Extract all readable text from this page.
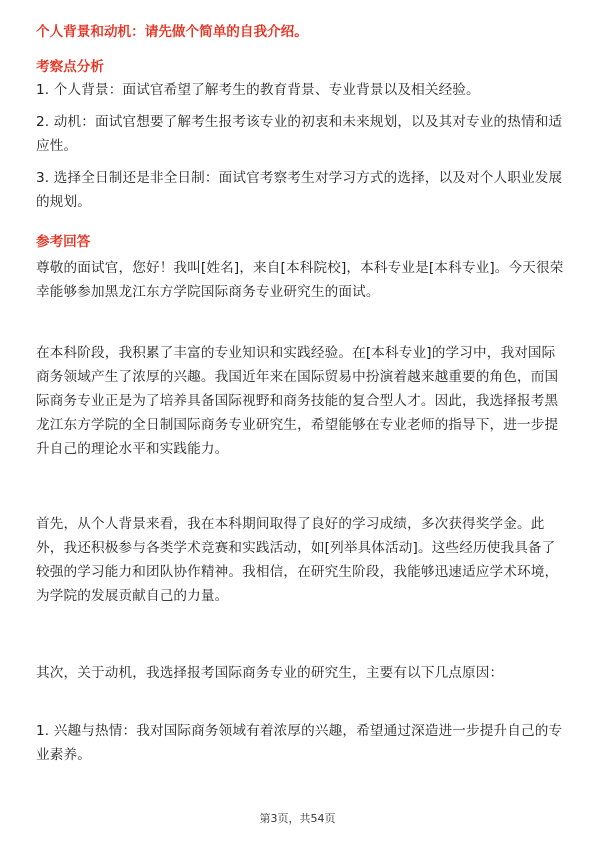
个人背景和动机：请先做个简单的自我介绍。

考察点分析

1. 个人背景：面试官希望了解考生的教育背景、专业背景以及相关经验。

2. 动机：面试官想要了解考生报考该专业的初衷和未来规划，以及其对专业的热情和适应性。

3. 选择全日制还是非全日制：面试官考察考生对学习方式的选择，以及对个人职业发展的规划。

参考回答

尊敬的面试官，您好！我叫[姓名]，来自[本科院校]，本科专业是[本科专业]。今天很荣幸能够参加黑龙江东方学院国际商务专业研究生的面试。

在本科阶段，我积累了丰富的专业知识和实践经验。在[本科专业]的学习中，我对国际商务领域产生了浓厚的兴趣。我国近年来在国际贸易中扮演着越来越重要的角色，而国际商务专业正是为了培养具备国际视野和商务技能的复合型人才。因此，我选择报考黑龙江东方学院的全日制国际商务专业研究生，希望能够在专业老师的指导下，进一步提升自己的理论水平和实践能力。

首先，从个人背景来看，我在本科期间取得了良好的学习成绩，多次获得奖学金。此外，我还积极参与各类学术竞赛和实践活动，如[列举具体活动]。这些经历使我具备了较强的学习能力和团队协作精神。我相信，在研究生阶段，我能够迅速适应学术环境，为学院的发展贡献自己的力量。

其次，关于动机，我选择报考国际商务专业的研究生，主要有以下几点原因：

1. 兴趣与热情：我对国际商务领域有着浓厚的兴趣，希望通过深造进一步提升自己的专业素养。

第3页，共54页
